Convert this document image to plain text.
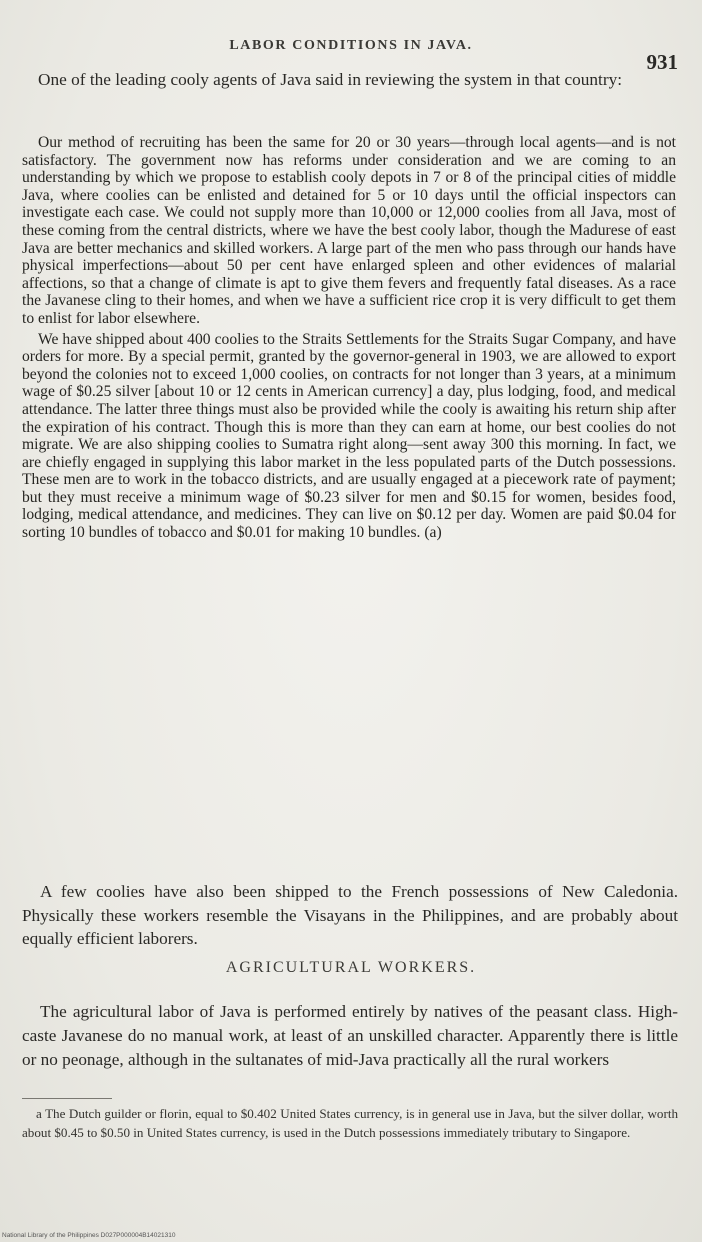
LABOR CONDITIONS IN JAVA.
931

One of the leading cooly agents of Java said in reviewing the system in that country:

Our method of recruiting has been the same for 20 or 30 years—through local agents—and is not satisfactory. The government now has reforms under consideration and we are coming to an understanding by which we propose to establish cooly depots in 7 or 8 of the principal cities of middle Java, where coolies can be enlisted and detained for 5 or 10 days until the official inspectors can investigate each case. We could not supply more than 10,000 or 12,000 coolies from all Java, most of these coming from the central districts, where we have the best cooly labor, though the Madurese of east Java are better mechanics and skilled workers. A large part of the men who pass through our hands have physical imperfections—about 50 per cent have enlarged spleen and other evidences of malarial affections, so that a change of climate is apt to give them fevers and frequently fatal diseases. As a race the Javanese cling to their homes, and when we have a sufficient rice crop it is very difficult to get them to enlist for labor elsewhere.

We have shipped about 400 coolies to the Straits Settlements for the Straits Sugar Company, and have orders for more. By a special permit, granted by the governor-general in 1903, we are allowed to export beyond the colonies not to exceed 1,000 coolies, on contracts for not longer than 3 years, at a minimum wage of $0.25 silver [about 10 or 12 cents in American currency] a day, plus lodging, food, and medical attendance. The latter three things must also be provided while the cooly is awaiting his return ship after the expiration of his contract. Though this is more than they can earn at home, our best coolies do not migrate. We are also shipping coolies to Sumatra right along—sent away 300 this morning. In fact, we are chiefly engaged in supplying this labor market in the less populated parts of the Dutch possessions. These men are to work in the tobacco districts, and are usually engaged at a piecework rate of payment; but they must receive a minimum wage of $0.23 silver for men and $0.15 for women, besides food, lodging, medical attendance, and medicines. They can live on $0.12 per day. Women are paid $0.04 for sorting 10 bundles of tobacco and $0.01 for making 10 bundles. (a)

A few coolies have also been shipped to the French possessions of New Caledonia. Physically these workers resemble the Visayans in the Philippines, and are probably about equally efficient laborers.

AGRICULTURAL WORKERS.

The agricultural labor of Java is performed entirely by natives of the peasant class. High-caste Javanese do no manual work, at least of an unskilled character. Apparently there is little or no peonage, although in the sultanates of mid-Java practically all the rural workers

a The Dutch guilder or florin, equal to $0.402 United States currency, is in general use in Java, but the silver dollar, worth about $0.45 to $0.50 in United States currency, is used in the Dutch possessions immediately tributary to Singapore.

National Library of the Philippines D027P000004B14021310
